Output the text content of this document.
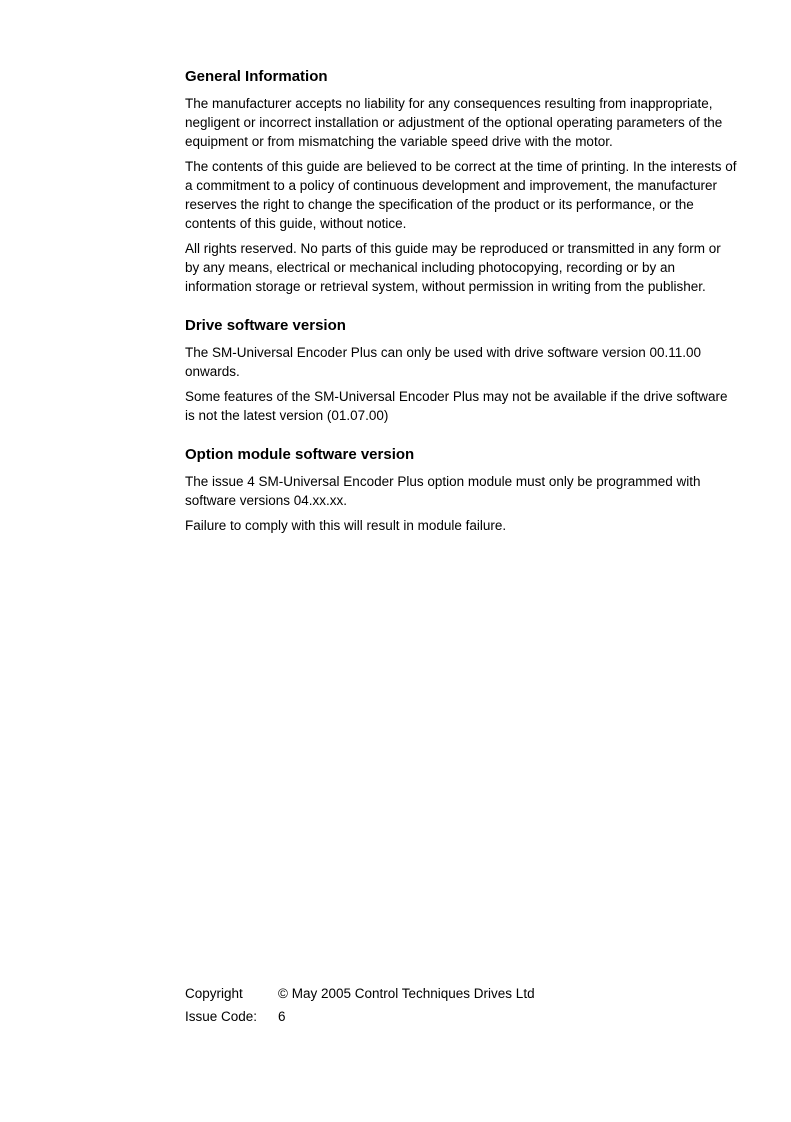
General Information

The manufacturer accepts no liability for any consequences resulting from inappropriate, negligent or incorrect installation or adjustment of the optional operating parameters of the equipment or from mismatching the variable speed drive with the motor.

The contents of this guide are believed to be correct at the time of printing. In the interests of a commitment to a policy of continuous development and improvement, the manufacturer reserves the right to change the specification of the product or its performance, or the contents of this guide, without notice.

All rights reserved. No parts of this guide may be reproduced or transmitted in any form or by any means, electrical or mechanical including photocopying, recording or by an information storage or retrieval system, without permission in writing from the publisher.

Drive software version

The SM-Universal Encoder Plus can only be used with drive software version 00.11.00 onwards.

Some features of the SM-Universal Encoder Plus may not be available if the drive software is not the latest version (01.07.00)

Option module software version

The issue 4 SM-Universal Encoder Plus option module must only be programmed with software versions 04.xx.xx.

Failure to comply with this will result in module failure.

Copyright	© May 2005 Control Techniques Drives Ltd
Issue Code: 6
